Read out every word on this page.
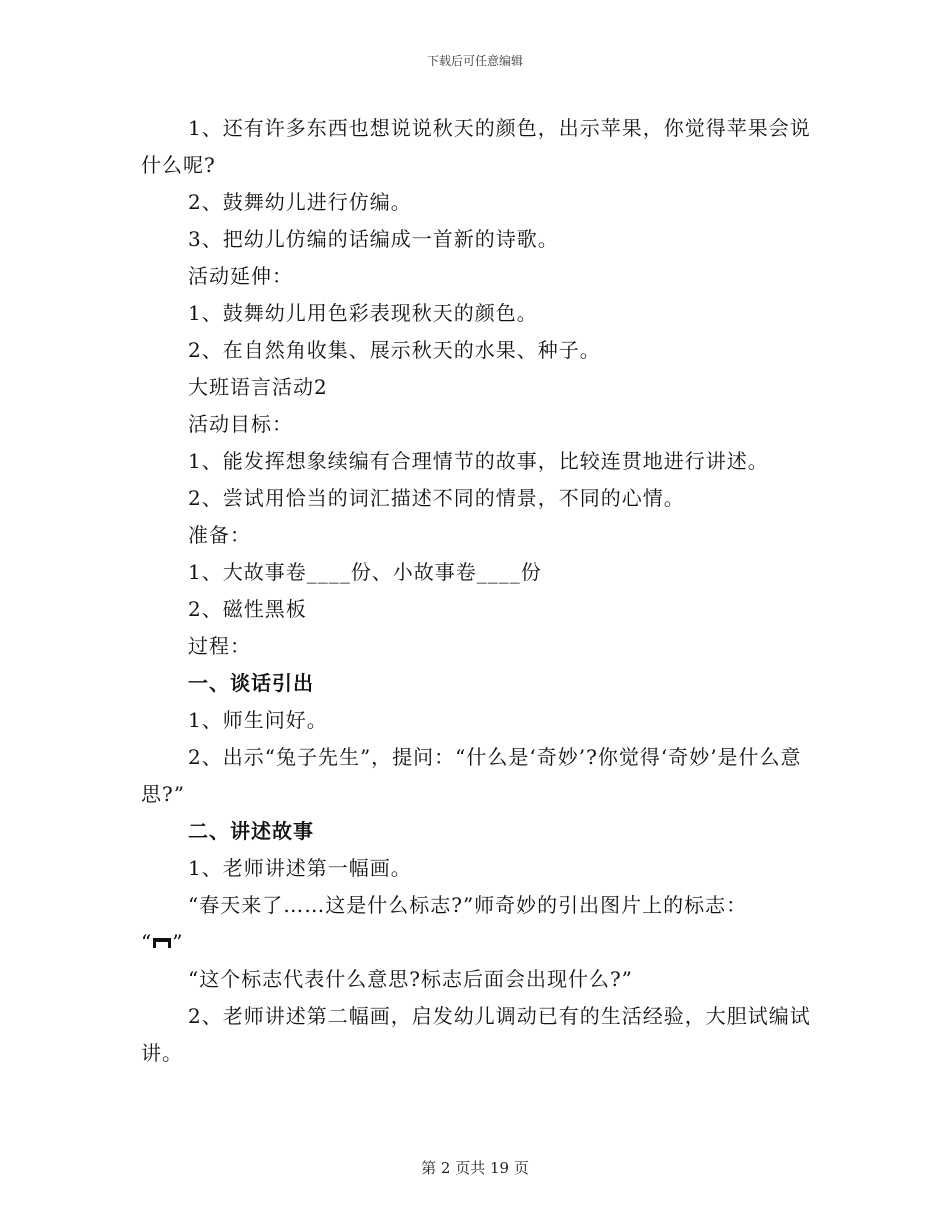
下载后可任意编辑

1、还有许多东西也想说说秋天的颜色，出示苹果，你觉得苹果会说什么呢?

2、鼓舞幼儿进行仿编。

3、把幼儿仿编的话编成一首新的诗歌。

活动延伸：

1、鼓舞幼儿用色彩表现秋天的颜色。

2、在自然角收集、展示秋天的水果、种子。

大班语言活动2

活动目标：

1、能发挥想象续编有合理情节的故事，比较连贯地进行讲述。

2、尝试用恰当的词汇描述不同的情景，不同的心情。

准备：

1、大故事卷____份、小故事卷____份

2、磁性黑板

过程：

一、谈话引出

1、师生问好。

2、出示“兔子先生”，提问：“什么是‘奇妙’?你觉得‘奇妙’是什么意思?”

二、讲述故事

1、老师讲述第一幅画。

“春天来了……这是什么标志?”师奇妙的引出图片上的标志：

“ ”

“这个标志代表什么意思?标志后面会出现什么?”

2、老师讲述第二幅画，启发幼儿调动已有的生活经验，大胆试编试讲。

第 2 页共 19 页
